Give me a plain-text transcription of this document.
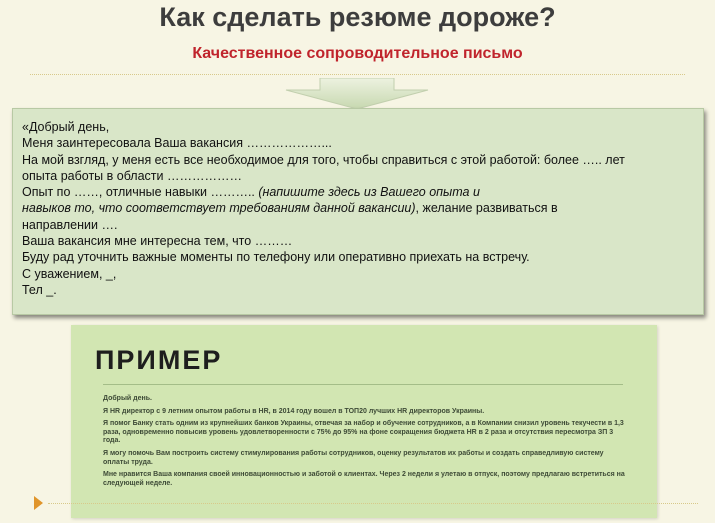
Как сделать резюме дороже?
Качественное сопроводительное письмо
«Добрый день,
Меня заинтересовала Ваша вакансия ………………...
На мой взгляд, у меня есть все необходимое для того, чтобы справиться с этой работой: более ….. лет
опыта работы в области ………………
Опыт по ……, отличные навыки ……….. (напишите здесь из Вашего опыта и
навыков то, что соответствует требованиям данной вакансии), желание развиваться в
направлении ….
Ваша вакансия мне интересна тем, что ………
Буду рад уточнить важные моменты по телефону или оперативно приехать на встречу.
С уважением, _,
Тел _.
ПРИМЕР

Добрый день.

Я HR директор с 9 летним опытом работы в HR, в 2014 году вошел в ТОП20 лучших HR директоров Украины.

Я помог Банку стать одним из крупнейших банков Украины, отвечая за набор и обучение сотрудников, а в Компании снизил уровень текучести в 1,3 раза, одновременно повысив уровень удовлетворенности с 75% до 95% на фоне сокращения бюджета HR в 2 раза и отсутствия пересмотра ЗП 3 года.

Я могу помочь Вам построить систему стимулирования работы сотрудников, оценку результатов их работы и создать справедливую систему оплаты труда.

Мне нравится Ваша компания своей инновационностью и заботой о клиентах. Через 2 недели я улетаю в отпуск, поэтому предлагаю встретиться на следующей неделе.
